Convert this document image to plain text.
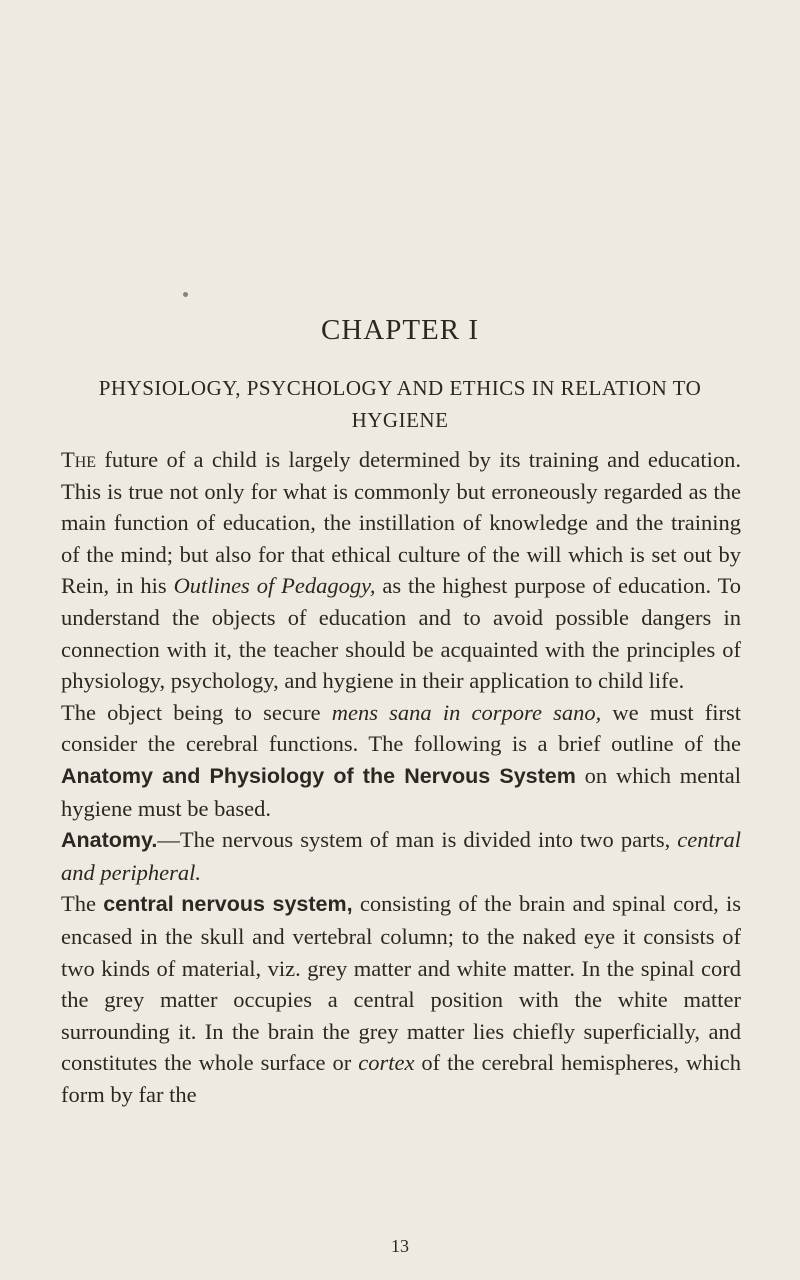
CHAPTER I
PHYSIOLOGY, PSYCHOLOGY AND ETHICS IN RELATION TO HYGIENE

The future of a child is largely determined by its training and education. This is true not only for what is commonly but erroneously regarded as the main function of education, the instillation of knowledge and the training of the mind; but also for that ethical culture of the will which is set out by Rein, in his Outlines of Pedagogy, as the highest purpose of education. To understand the objects of education and to avoid possible dangers in connection with it, the teacher should be acquainted with the principles of physiology, psychology, and hygiene in their application to child life.

The object being to secure mens sana in corpore sano, we must first consider the cerebral functions. The following is a brief outline of the Anatomy and Physiology of the Nervous System on which mental hygiene must be based.

Anatomy.—The nervous system of man is divided into two parts, central and peripheral.

The central nervous system, consisting of the brain and spinal cord, is encased in the skull and vertebral column; to the naked eye it consists of two kinds of material, viz. grey matter and white matter. In the spinal cord the grey matter occupies a central position with the white matter surrounding it. In the brain the grey matter lies chiefly superficially, and constitutes the whole surface or cortex of the cerebral hemispheres, which form by far the

13
